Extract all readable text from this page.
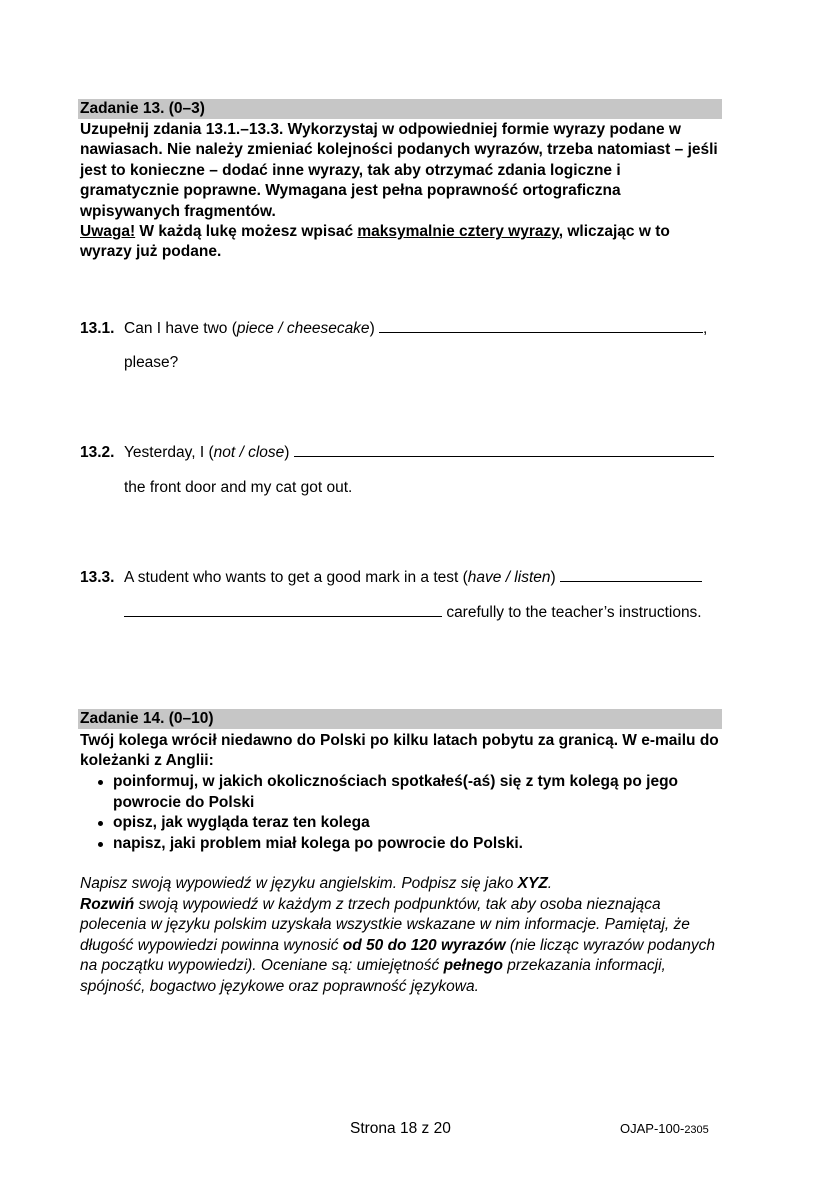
Zadanie 13. (0–3)

Uzupełnij zdania 13.1.–13.3. Wykorzystaj w odpowiedniej formie wyrazy podane w nawiasach. Nie należy zmieniać kolejności podanych wyrazów, trzeba natomiast – jeśli jest to konieczne – dodać inne wyrazy, tak aby otrzymać zdania logiczne i gramatycznie poprawne. Wymagana jest pełna poprawność ortograficzna wpisywanych fragmentów.

Uwaga! W każdą lukę możesz wpisać maksymalnie cztery wyrazy, wliczając w to wyrazy już podane.

13.1. Can I have two (piece / cheesecake)	,
please?
13.2. Yesterday, I (not / close)
the front door and my cat got out.
13.3. A student who wants to get a good mark in a test (have / listen)
carefully to the teacher’s instructions.
Zadanie 14. (0–10)
Twój kolega wrócił niedawno do Polski po kilku latach pobytu za granicą. W e-mailu do koleżanki z Anglii:
poinformuj, w jakich okolicznościach spotkałeś(-aś) się z tym kolegą po jego powrocie do Polski
opisz, jak wygląda teraz ten kolega
napisz, jaki problem miał kolega po powrocie do Polski.

Napisz swoją wypowiedź w języku angielskim. Podpisz się jako XYZ.

Rozwiń swoją wypowiedź w każdym z trzech podpunktów, tak aby osoba nieznająca polecenia w języku polskim uzyskała wszystkie wskazane w nim informacje. Pamiętaj, że długość wypowiedzi powinna wynosić od 50 do 120 wyrazów (nie licząc wyrazów podanych na początku wypowiedzi). Oceniane są: umiejętność pełnego przekazania informacji, spójność, bogactwo językowe oraz poprawność językowa.

Strona 18 z 20	OJAP-100-2305
